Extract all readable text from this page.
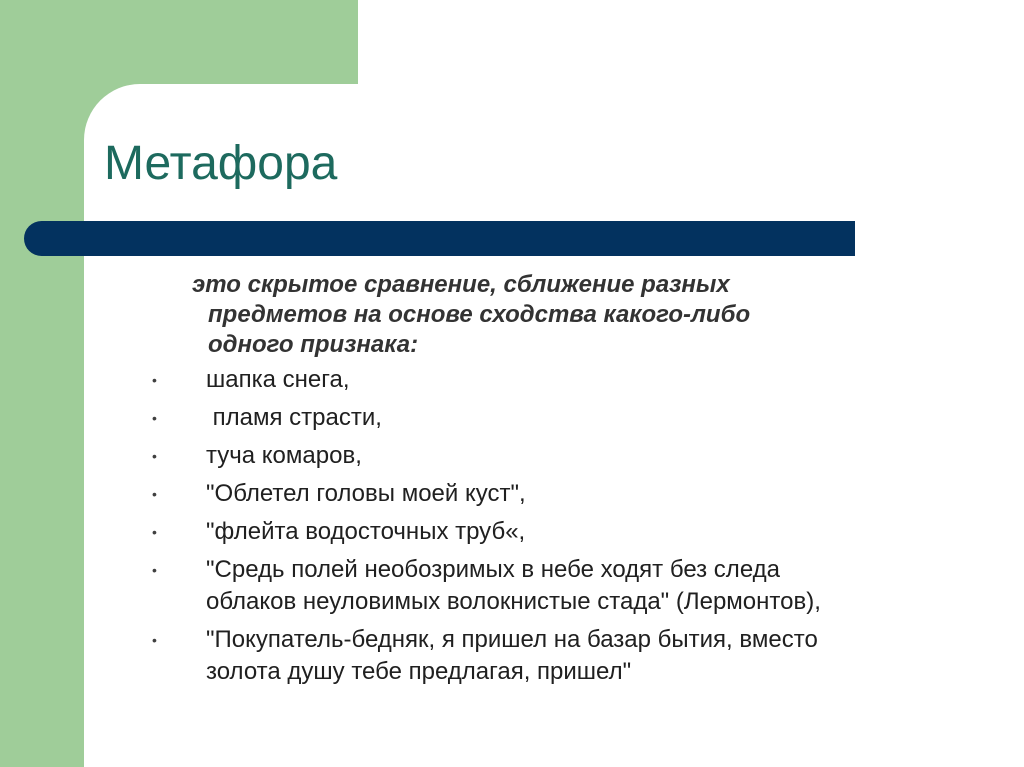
Метафора
это скрытое сравнение, сближение разных
предметов на основе сходства какого-либо
одного признака:
• шапка снега,
• пламя страсти,
• туча комаров,
• "Облетел головы моей куст",
• "флейта водосточных труб«,
• "Средь полей необозримых в небе ходят без следа
облаков неуловимых волокнистые стада" (Лермонтов),
• "Покупатель-бедняк, я пришел на базар бытия, вместо
золота душу тебе предлагая, пришел"
